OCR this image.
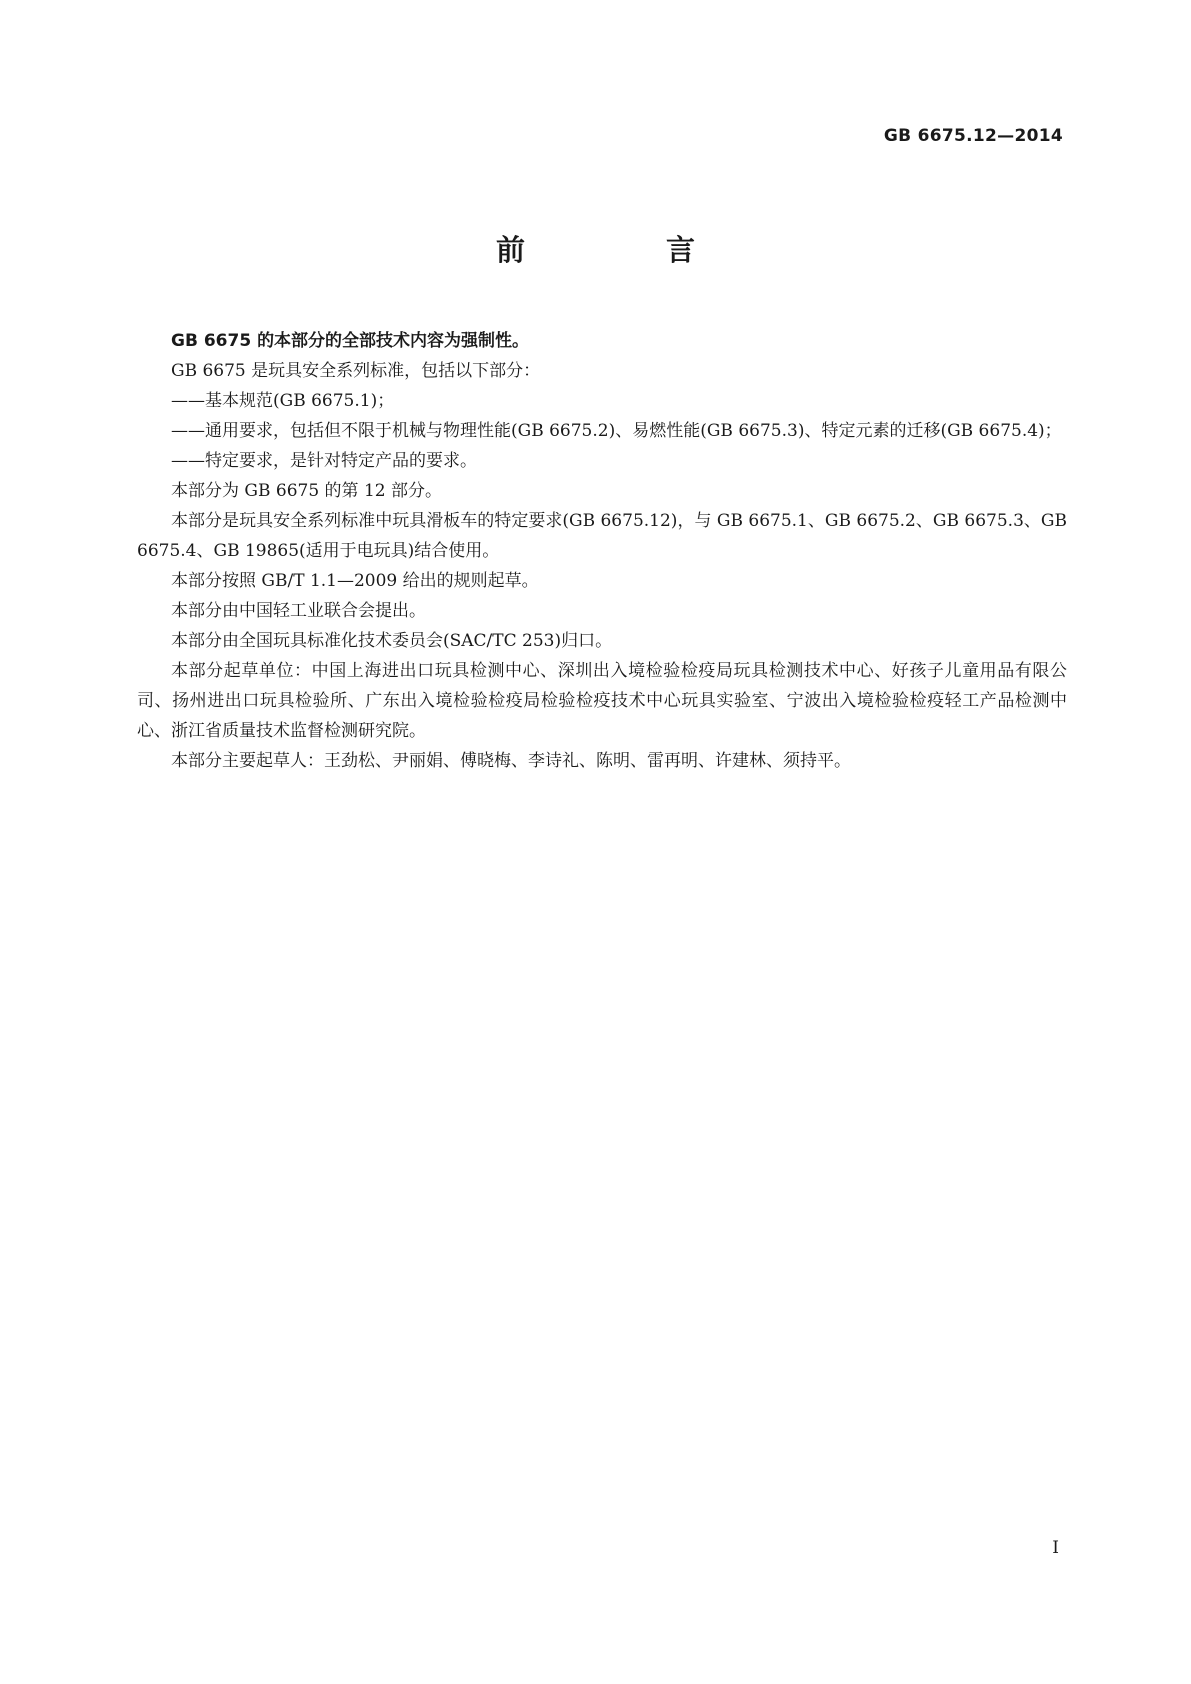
GB 6675.12—2014
前　言

GB 6675 的本部分的全部技术内容为强制性。

GB 6675 是玩具安全系列标准，包括以下部分：

——基本规范(GB 6675.1)；

——通用要求，包括但不限于机械与物理性能(GB 6675.2)、易燃性能(GB 6675.3)、特定元素的迁移(GB 6675.4)；

——特定要求，是针对特定产品的要求。

本部分为 GB 6675 的第 12 部分。

本部分是玩具安全系列标准中玩具滑板车的特定要求(GB 6675.12)，与 GB 6675.1、GB 6675.2、GB 6675.3、GB 6675.4、GB 19865(适用于电玩具)结合使用。

本部分按照 GB/T 1.1—2009 给出的规则起草。

本部分由中国轻工业联合会提出。

本部分由全国玩具标准化技术委员会(SAC/TC 253)归口。

本部分起草单位：中国上海进出口玩具检测中心、深圳出入境检验检疫局玩具检测技术中心、好孩子儿童用品有限公司、扬州进出口玩具检验所、广东出入境检验检疫局检验检疫技术中心玩具实验室、宁波出入境检验检疫轻工产品检测中心、浙江省质量技术监督检测研究院。

本部分主要起草人：王劲松、尹丽娟、傅晓梅、李诗礼、陈明、雷再明、许建林、须持平。

I
